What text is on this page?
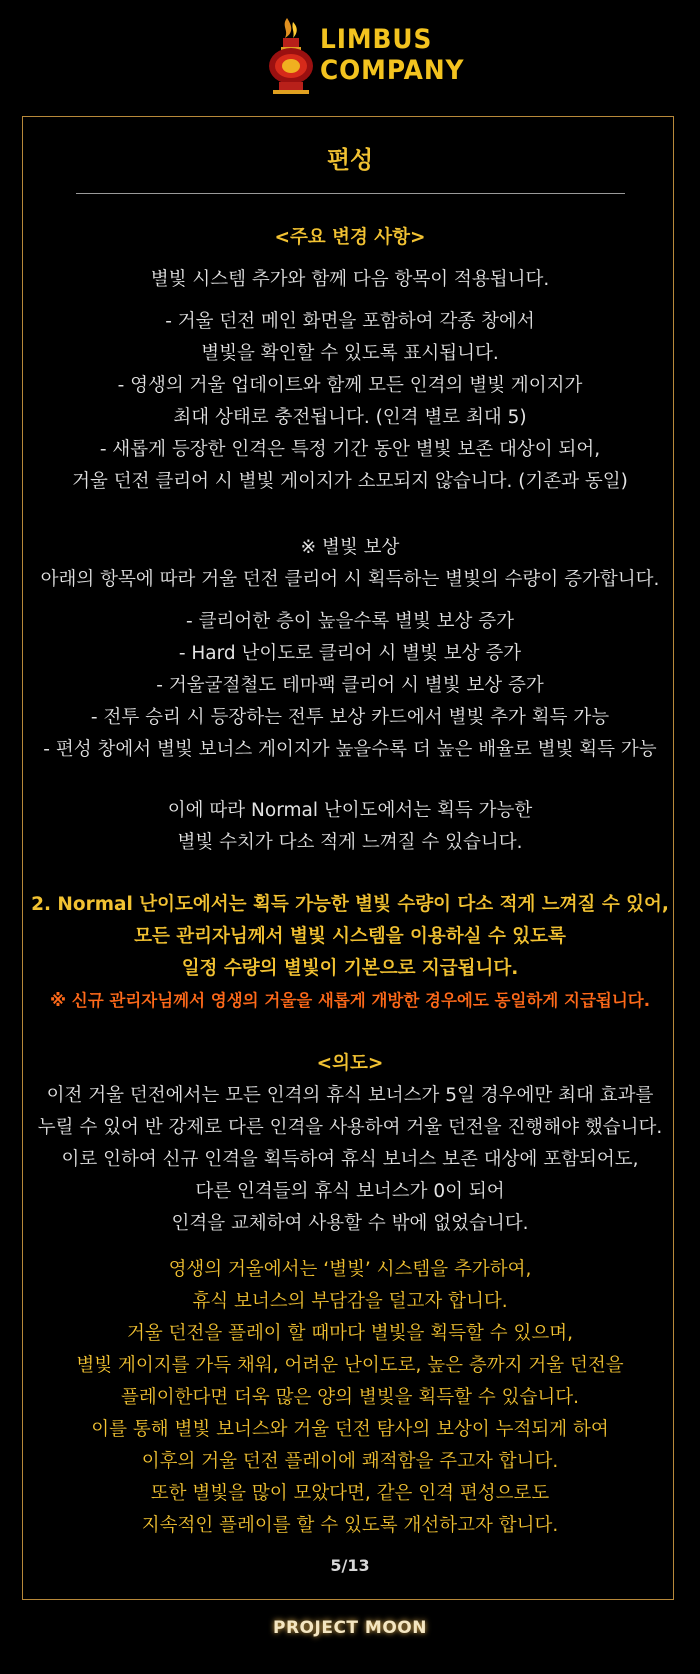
LIMBUS
COMPANY
편성
<주요 변경 사항>
별빛 시스템 추가와 함께 다음 항목이 적용됩니다.
- 거울 던전 메인 화면을 포함하여 각종 창에서
별빛을 확인할 수 있도록 표시됩니다.
- 영생의 거울 업데이트와 함께 모든 인격의 별빛 게이지가
최대 상태로 충전됩니다. (인격 별로 최대 5)
- 새롭게 등장한 인격은 특정 기간 동안 별빛 보존 대상이 되어,
거울 던전 클리어 시 별빛 게이지가 소모되지 않습니다. (기존과 동일)
※ 별빛 보상
아래의 항목에 따라 거울 던전 클리어 시 획득하는 별빛의 수량이 증가합니다.
- 클리어한 층이 높을수록 별빛 보상 증가
- Hard 난이도로 클리어 시 별빛 보상 증가
- 거울굴절철도 테마팩 클리어 시 별빛 보상 증가
- 전투 승리 시 등장하는 전투 보상 카드에서 별빛 추가 획득 가능
- 편성 창에서 별빛 보너스 게이지가 높을수록 더 높은 배율로 별빛 획득 가능
이에 따라 Normal 난이도에서는 획득 가능한
별빛 수치가 다소 적게 느껴질 수 있습니다.
2. Normal 난이도에서는 획득 가능한 별빛 수량이 다소 적게 느껴질 수 있어,
모든 관리자님께서 별빛 시스템을 이용하실 수 있도록
일정 수량의 별빛이 기본으로 지급됩니다.
※ 신규 관리자님께서 영생의 거울을 새롭게 개방한 경우에도 동일하게 지급됩니다.
<의도>
이전 거울 던전에서는 모든 인격의 휴식 보너스가 5일 경우에만 최대 효과를
누릴 수 있어 반 강제로 다른 인격을 사용하여 거울 던전을 진행해야 했습니다.
이로 인하여 신규 인격을 획득하여 휴식 보너스 보존 대상에 포함되어도,
다른 인격들의 휴식 보너스가 0이 되어
인격을 교체하여 사용할 수 밖에 없었습니다.
영생의 거울에서는 ‘별빛’ 시스템을 추가하여,
휴식 보너스의 부담감을 덜고자 합니다.
거울 던전을 플레이 할 때마다 별빛을 획득할 수 있으며,
별빛 게이지를 가득 채워, 어려운 난이도로, 높은 층까지 거울 던전을
플레이한다면 더욱 많은 양의 별빛을 획득할 수 있습니다.
이를 통해 별빛 보너스와 거울 던전 탐사의 보상이 누적되게 하여
이후의 거울 던전 플레이에 쾌적함을 주고자 합니다.
또한 별빛을 많이 모았다면, 같은 인격 편성으로도
지속적인 플레이를 할 수 있도록 개선하고자 합니다.
5/13
PROJECT MOON
